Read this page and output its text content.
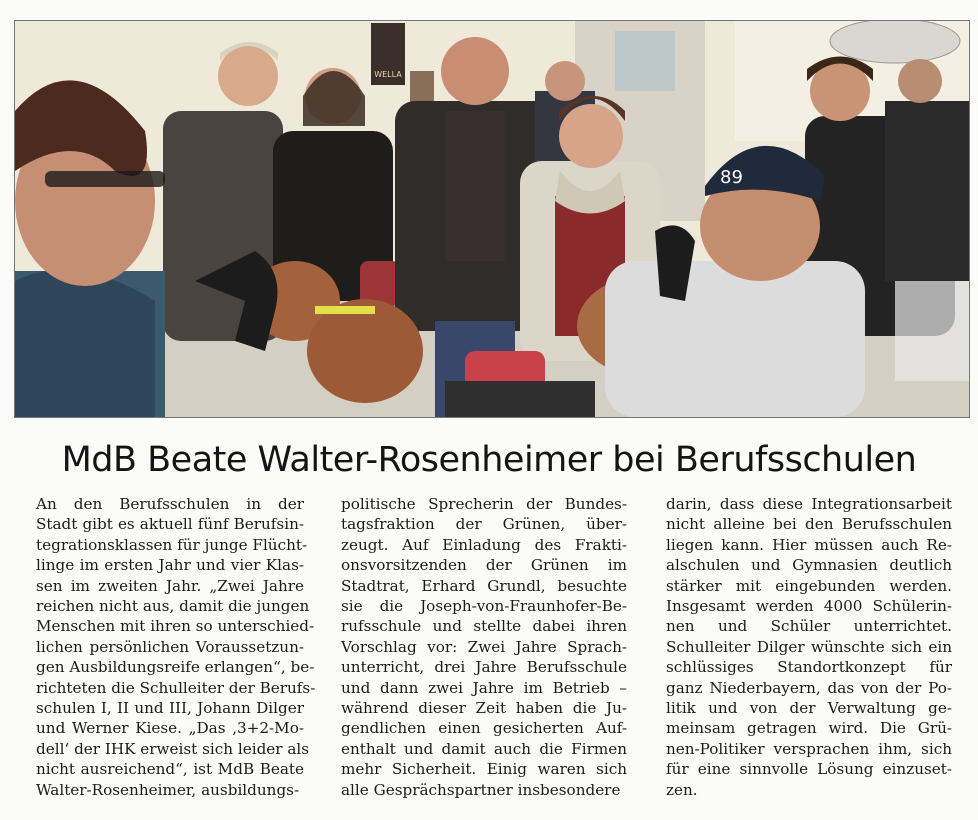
WELLA
89
MdB Beate Walter-Rosenheimer bei Berufsschulen
An den Berufsschulen in der
Stadt gibt es aktuell fünf Berufsin-
tegrationsklassen für junge Flücht-
linge im ersten Jahr und vier Klas-
sen im zweiten Jahr. „Zwei Jahre
reichen nicht aus, damit die jungen
Menschen mit ihren so unterschied-
lichen persönlichen Voraussetzun-
gen Ausbildungsreife erlangen“, be-
richteten die Schulleiter der Berufs-
schulen I, II und III, Johann Dilger
und Werner Kiese. „Das ‚3+2-Mo-
dell‘ der IHK erweist sich leider als
nicht ausreichend“, ist MdB Beate
Walter-Rosenheimer, ausbildungs-
politische Sprecherin der Bundes-
tagsfraktion der Grünen, über-
zeugt. Auf Einladung des Frakti-
onsvorsitzenden der Grünen im
Stadtrat, Erhard Grundl, besuchte
sie die Joseph-von-Fraunhofer-Be-
rufsschule und stellte dabei ihren
Vorschlag vor: Zwei Jahre Sprach-
unterricht, drei Jahre Berufsschule
und dann zwei Jahre im Betrieb –
während dieser Zeit haben die Ju-
gendlichen einen gesicherten Auf-
enthalt und damit auch die Firmen
mehr Sicherheit. Einig waren sich
alle Gesprächspartner insbesondere
darin, dass diese Integrationsarbeit
nicht alleine bei den Berufsschulen
liegen kann. Hier müssen auch Re-
alschulen und Gymnasien deutlich
stärker mit eingebunden werden.
Insgesamt werden 4000 Schülerin-
nen und Schüler unterrichtet.
Schulleiter Dilger wünschte sich ein
schlüssiges Standortkonzept für
ganz Niederbayern, das von der Po-
litik und von der Verwaltung ge-
meinsam getragen wird. Die Grü-
nen-Politiker versprachen ihm, sich
für eine sinnvolle Lösung einzuset-
zen.
